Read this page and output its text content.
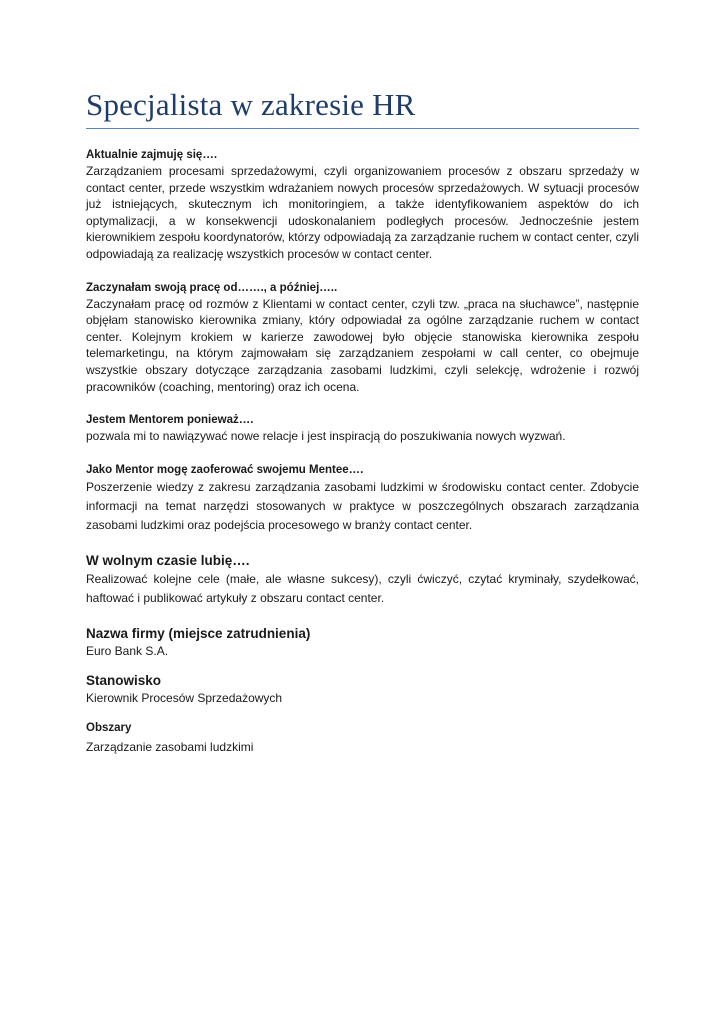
Specjalista w zakresie HR

Aktualnie zajmuję się….

Zarządzaniem procesami sprzedażowymi, czyli organizowaniem procesów z obszaru sprzedaży w contact center, przede wszystkim wdrażaniem nowych procesów sprzedażowych. W sytuacji procesów już istniejących, skutecznym ich monitoringiem, a także identyfikowaniem aspektów do ich optymalizacji, a w konsekwencji udoskonalaniem podległych procesów. Jednocześnie jestem kierownikiem zespołu koordynatorów, którzy odpowiadają za zarządzanie ruchem w contact center, czyli odpowiadają za realizację wszystkich procesów w contact center.

Zaczynałam swoją pracę od……., a później…..

Zaczynałam pracę od rozmów z Klientami w contact center, czyli tzw. „praca na słuchawce”, następnie objęłam stanowisko kierownika zmiany, który odpowiadał za ogólne zarządzanie ruchem w contact center. Kolejnym krokiem w karierze zawodowej było objęcie stanowiska kierownika zespołu telemarketingu, na którym zajmowałam się zarządzaniem zespołami w call center, co obejmuje wszystkie obszary dotyczące zarządzania zasobami ludzkimi, czyli selekcję, wdrożenie i rozwój pracowników (coaching, mentoring) oraz ich ocena.

Jestem Mentorem ponieważ….

pozwala mi to nawiązywać nowe relacje i jest inspiracją do poszukiwania nowych wyzwań.

Jako Mentor mogę zaoferować swojemu Mentee….

Poszerzenie wiedzy z zakresu zarządzania zasobami ludzkimi w środowisku contact center. Zdobycie informacji na temat narzędzi stosowanych w praktyce w poszczególnych obszarach zarządzania zasobami ludzkimi oraz podejścia procesowego w branży contact center.

W wolnym czasie lubię….

Realizować kolejne cele (małe, ale własne sukcesy), czyli ćwiczyć, czytać kryminały, szydełkować, haftować i publikować artykuły z obszaru contact center.

Nazwa firmy (miejsce zatrudnienia)

Euro Bank S.A.

Stanowisko

Kierownik Procesów Sprzedażowych

Obszary

Zarządzanie zasobami ludzkimi
